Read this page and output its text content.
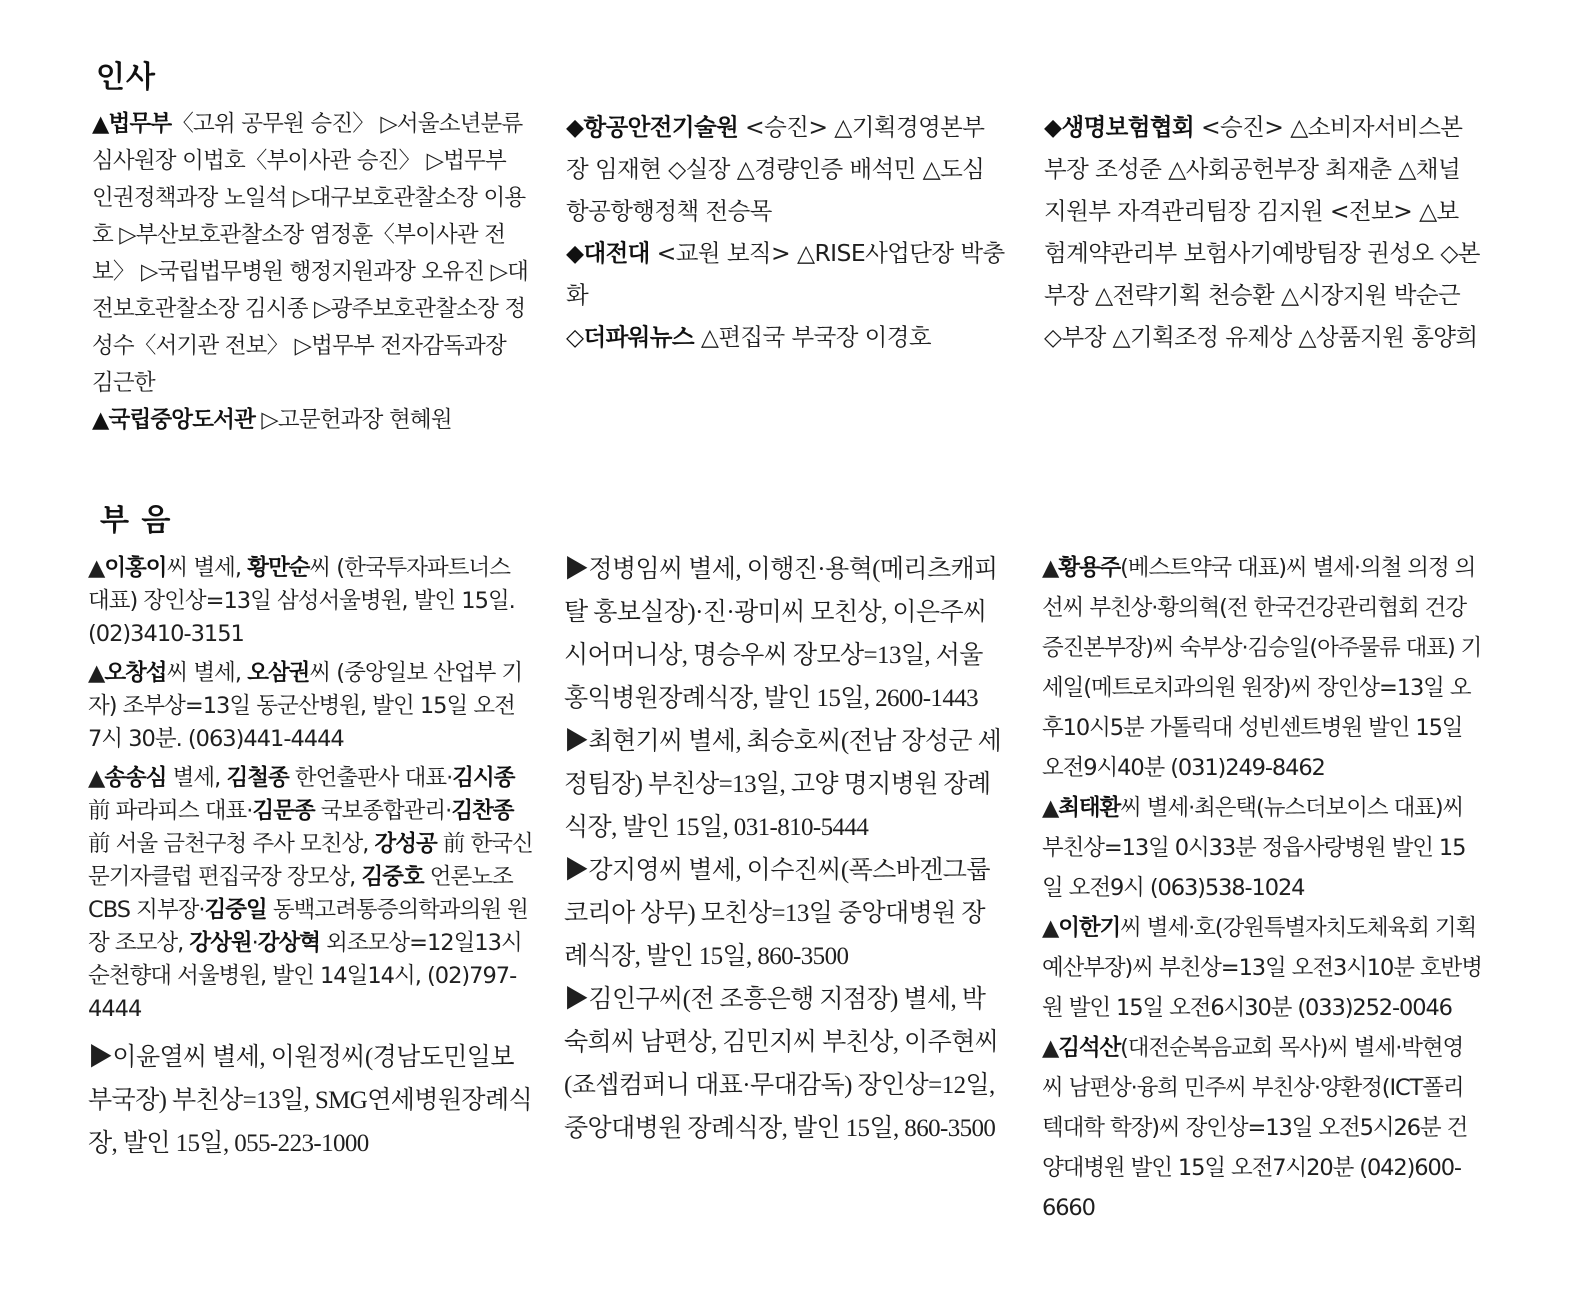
인사
▲법무부〈고위 공무원 승진〉 ▷서울소년분류심사원장 이법호〈부이사관 승진〉 ▷법무부 인권정책과장 노일석 ▷대구보호관찰소장 이용호 ▷부산보호관찰소장 염정훈〈부이사관 전보〉 ▷국립법무병원 행정지원과장 오유진 ▷대전보호관찰소장 김시종 ▷광주보호관찰소장 정성수〈서기관 전보〉 ▷법무부 전자감독과장 김근한
▲국립중앙도서관 ▷고문헌과장 현혜원
◆항공안전기술원 <승진> △기획경영본부장 임재현 ◇실장 △경량인증 배석민 △도심항공항행정책 전승목
◆대전대 <교원 보직> △RISE사업단장 박충화
◇더파워뉴스 △편집국 부국장 이경호
◆생명보험협회 <승진> △소비자서비스본부장 조성준 △사회공헌부장 최재춘 △채널지원부 자격관리팀장 김지원 <전보> △보험계약관리부 보험사기예방팀장 권성오 ◇본부장 △전략기획 천승환 △시장지원 박순근 ◇부장 △기획조정 유제상 △상품지원 홍양희
부 음
▲이홍이씨 별세, 황만순씨 (한국투자파트너스 대표) 장인상=13일 삼성서울병원, 발인 15일. (02)3410-3151
▲오창섭씨 별세, 오삼권씨 (중앙일보 산업부 기자) 조부상=13일 동군산병원, 발인 15일 오전 7시 30분. (063)441-4444
▲송송심 별세, 김철종 한언출판사 대표·김시종 前 파라피스 대표·김문종 국보종합관리·김찬종 前 서울 금천구청 주사 모친상, 강성공 前 한국신문기자클럽 편집국장 장모상, 김중호 언론노조 CBS 지부장·김중일 동백고려통증의학과의원 원장 조모상, 강상원·강상혁 외조모상=12일13시 순천향대 서울병원, 발인 14일14시, (02)797-4444
▶이윤열씨 별세, 이원정씨(경남도민일보 부국장) 부친상=13일, SMG연세병원장례식장, 발인 15일, 055-223-1000
▶정병임씨 별세, 이행진·용혁(메리츠캐피탈 홍보실장)·진·광미씨 모친상, 이은주씨 시어머니상, 명승우씨 장모상=13일, 서울 홍익병원장례식장, 발인 15일, 2600-1443
▶최현기씨 별세, 최승호씨(전남 장성군 세정팀장) 부친상=13일, 고양 명지병원 장례식장, 발인 15일, 031-810-5444
▶강지영씨 별세, 이수진씨(폭스바겐그룹코리아 상무) 모친상=13일 중앙대병원 장례식장, 발인 15일, 860-3500
▶김인구씨(전 조흥은행 지점장) 별세, 박숙희씨 남편상, 김민지씨 부친상, 이주현씨(죠셉컴퍼니 대표·무대감독) 장인상=12일, 중앙대병원 장례식장, 발인 15일, 860-3500
▲황용주(베스트약국 대표)씨 별세·의철 의정 의선씨 부친상·황의혁(전 한국건강관리협회 건강증진본부장)씨 숙부상·김승일(아주물류 대표) 기세일(메트로치과의원 원장)씨 장인상=13일 오후10시5분 가톨릭대 성빈센트병원 발인 15일 오전9시40분 (031)249-8462
▲최태환씨 별세·최은택(뉴스더보이스 대표)씨 부친상=13일 0시33분 정읍사랑병원 발인 15일 오전9시 (063)538-1024
▲이한기씨 별세·호(강원특별자치도체육회 기획예산부장)씨 부친상=13일 오전3시10분 호반병원 발인 15일 오전6시30분 (033)252-0046
▲김석산(대전순복음교회 목사)씨 별세·박현영씨 남편상·융희 민주씨 부친상·양환정(ICT폴리텍대학 학장)씨 장인상=13일 오전5시26분 건양대병원 발인 15일 오전7시20분 (042)600-6660
